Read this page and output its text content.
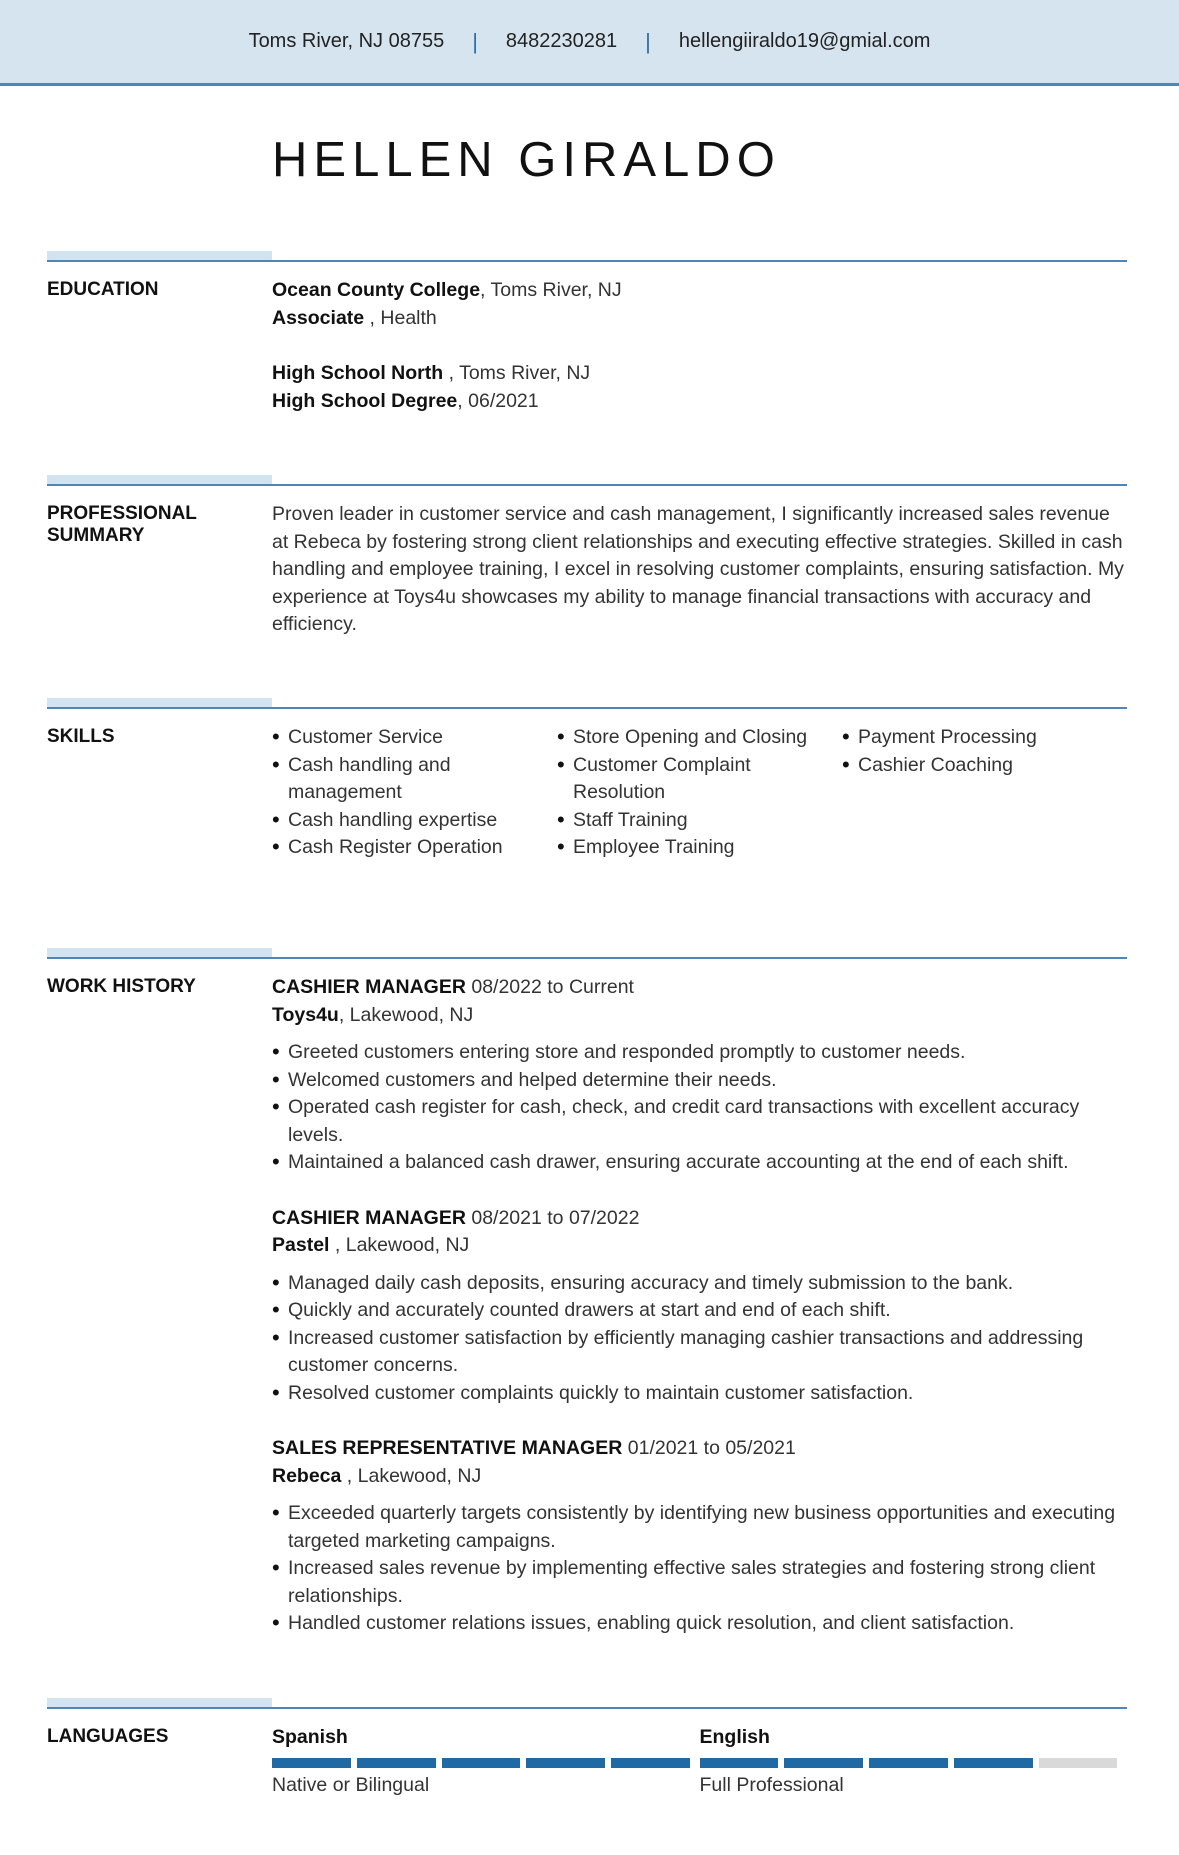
Toms River, NJ 08755 | 8482230281 | hellengiiraldo19@gmial.com
HELLEN GIRALDO
EDUCATION	Ocean County College, Toms River, NJ
Associate , Health
High School North , Toms River, NJ
High School Degree, 06/2021
PROFESSIONAL SUMMARY
Proven leader in customer service and cash management, I significantly increased sales revenue at Rebeca by fostering strong client relationships and executing effective strategies. Skilled in cash handling and employee training, I excel in resolving customer complaints, ensuring satisfaction. My experience at Toys4u showcases my ability to manage financial transactions with accuracy and efficiency.
SKILLS
•	Customer Service
• Cash handling and management
• Cash handling expertise
• Cash Register Operation
• Store Opening and Closing
• Customer Complaint Resolution
• Staff Training
• Employee Training
• Payment Processing
• Cashier Coaching
WORK HISTORY	CASHIER MANAGER 08/2022 to Current
Toys4u, Lakewood, NJ
• Greeted customers entering store and responded promptly to customer needs.
• Welcomed customers and helped determine their needs.
• Operated cash register for cash, check, and credit card transactions with excellent accuracy levels.
• Maintained a balanced cash drawer, ensuring accurate accounting at the end of each shift.
CASHIER MANAGER 08/2021 to 07/2022
Pastel , Lakewood, NJ
• Managed daily cash deposits, ensuring accuracy and timely submission to the bank.
• Quickly and accurately counted drawers at start and end of each shift.
• Increased customer satisfaction by efficiently managing cashier transactions and addressing customer concerns.
• Resolved customer complaints quickly to maintain customer satisfaction.
SALES REPRESENTATIVE MANAGER 01/2021 to 05/2021
Rebeca , Lakewood, NJ
• Exceeded quarterly targets consistently by identifying new business opportunities and executing targeted marketing campaigns.
• Increased sales revenue by implementing effective sales strategies and fostering strong client relationships.
• Handled customer relations issues, enabling quick resolution, and client satisfaction.
LANGUAGES	Spanish
Native or Bilingual
English
Full Professional
